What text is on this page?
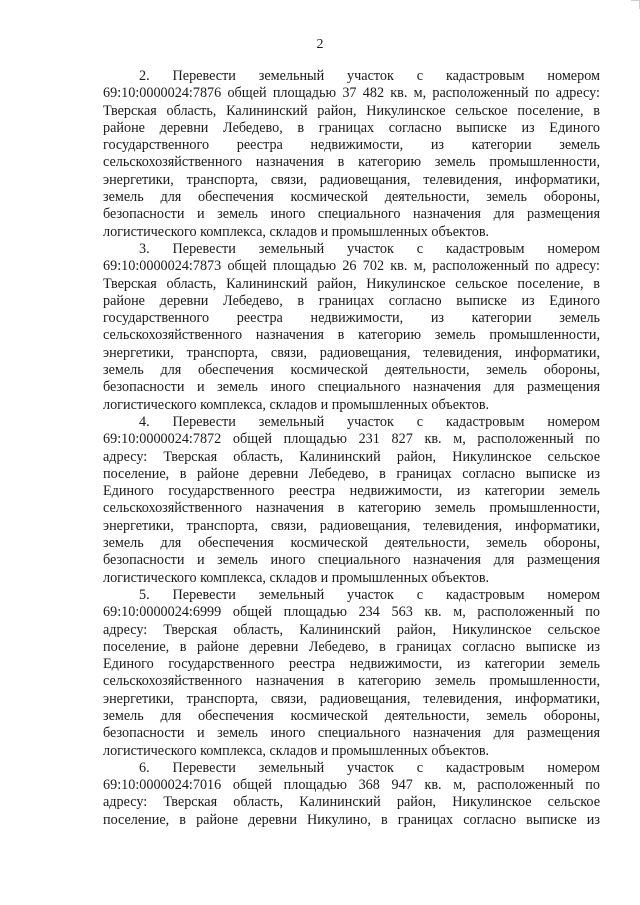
2
2. Перевести земельный участок с кадастровым номером
69:10:0000024:7876 общей площадью 37 482 кв. м, расположенный по адресу:
Тверская область, Калининский район, Никулинское сельское поселение, в
районе деревни Лебедево, в границах согласно выписке из Единого
государственного реестра недвижимости, из категории земель
сельскохозяйственного назначения в категорию земель промышленности,
энергетики, транспорта, связи, радиовещания, телевидения, информатики,
земель для обеспечения космической деятельности, земель обороны,
безопасности и земель иного специального назначения для размещения
логистического комплекса, складов и промышленных объектов.
3. Перевести земельный участок с кадастровым номером
69:10:0000024:7873 общей площадью 26 702 кв. м, расположенный по адресу:
Тверская область, Калининский район, Никулинское сельское поселение, в
районе деревни Лебедево, в границах согласно выписке из Единого
государственного реестра недвижимости, из категории земель
сельскохозяйственного назначения в категорию земель промышленности,
энергетики, транспорта, связи, радиовещания, телевидения, информатики,
земель для обеспечения космической деятельности, земель обороны,
безопасности и земель иного специального назначения для размещения
логистического комплекса, складов и промышленных объектов.
4. Перевести земельный участок с кадастровым номером
69:10:0000024:7872 общей площадью 231 827 кв. м, расположенный по
адресу: Тверская область, Калининский район, Никулинское сельское
поселение, в районе деревни Лебедево, в границах согласно выписке из
Единого государственного реестра недвижимости, из категории земель
сельскохозяйственного назначения в категорию земель промышленности,
энергетики, транспорта, связи, радиовещания, телевидения, информатики,
земель для обеспечения космической деятельности, земель обороны,
безопасности и земель иного специального назначения для размещения
логистического комплекса, складов и промышленных объектов.
5. Перевести земельный участок с кадастровым номером
69:10:0000024:6999 общей площадью 234 563 кв. м, расположенный по
адресу: Тверская область, Калининский район, Никулинское сельское
поселение, в районе деревни Лебедево, в границах согласно выписке из
Единого государственного реестра недвижимости, из категории земель
сельскохозяйственного назначения в категорию земель промышленности,
энергетики, транспорта, связи, радиовещания, телевидения, информатики,
земель для обеспечения космической деятельности, земель обороны,
безопасности и земель иного специального назначения для размещения
логистического комплекса, складов и промышленных объектов.
6. Перевести земельный участок с кадастровым номером
69:10:0000024:7016 общей площадью 368 947 кв. м, расположенный по
адресу: Тверская область, Калининский район, Никулинское сельское
поселение, в районе деревни Никулино, в границах согласно выписке из
